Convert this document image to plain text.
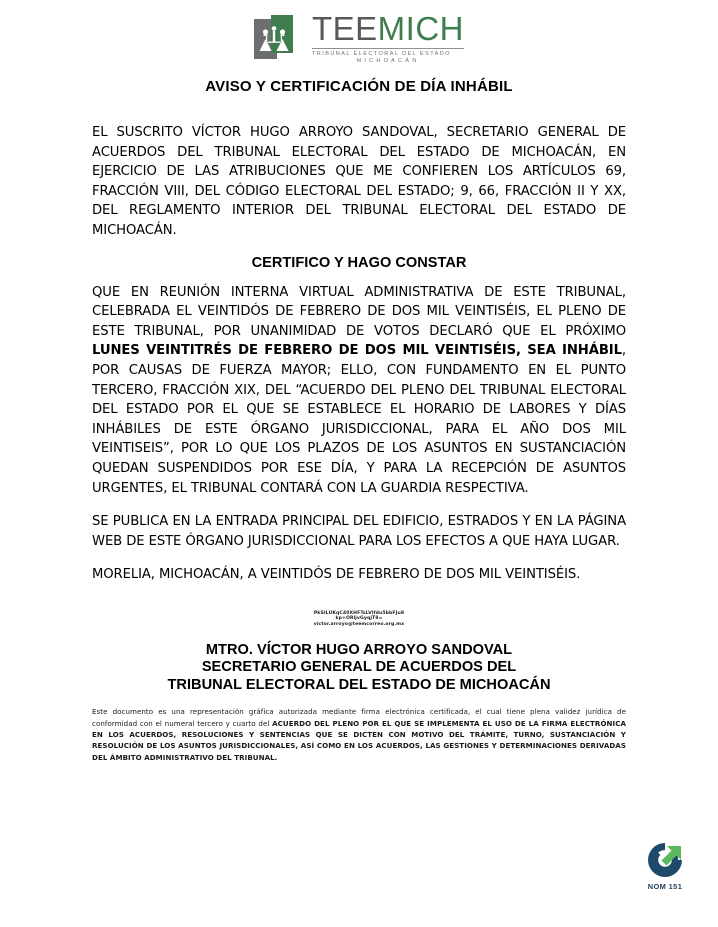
TEEMICH
TRIBUNAL ELECTORAL DEL ESTADO
MICHOACÁN
AVISO Y CERTIFICACIÓN DE DÍA INHÁBIL

EL SUSCRITO VÍCTOR HUGO ARROYO SANDOVAL, SECRETARIO GENERAL DE ACUERDOS DEL TRIBUNAL ELECTORAL DEL ESTADO DE MICHOACÁN, EN EJERCICIO DE LAS ATRIBUCIONES QUE ME CONFIEREN LOS ARTÍCULOS 69, FRACCIÓN VIII, DEL CÓDIGO ELECTORAL DEL ESTADO; 9, 66, FRACCIÓN II Y XX, DEL REGLAMENTO INTERIOR DEL TRIBUNAL ELECTORAL DEL ESTADO DE MICHOACÁN.

CERTIFICO Y HAGO CONSTAR

QUE EN REUNIÓN INTERNA VIRTUAL ADMINISTRATIVA DE ESTE TRIBUNAL, CELEBRADA EL VEINTIDÓS DE FEBRERO DE DOS MIL VEINTISÉIS, EL PLENO DE ESTE TRIBUNAL, POR UNANIMIDAD DE VOTOS DECLARÓ QUE EL PRÓXIMO LUNES VEINTITRÉS DE FEBRERO DE DOS MIL VEINTISÉIS, SEA INHÁBIL, POR CAUSAS DE FUERZA MAYOR; ELLO, CON FUNDAMENTO EN EL PUNTO TERCERO, FRACCIÓN XIX, DEL “ACUERDO DEL PLENO DEL TRIBUNAL ELECTORAL DEL ESTADO POR EL QUE SE ESTABLECE EL HORARIO DE LABORES Y DÍAS INHÁBILES DE ESTE ÓRGANO JURISDICCIONAL, PARA EL AÑO DOS MIL VEINTISEIS”, POR LO QUE LOS PLAZOS DE LOS ASUNTOS EN SUSTANCIACIÓN QUEDAN SUSPENDIDOS POR ESE DÍA, Y PARA LA RECEPCIÓN DE ASUNTOS URGENTES, EL TRIBUNAL CONTARÁ CON LA GUARDIA RESPECTIVA.

SE PUBLICA EN LA ENTRADA PRINCIPAL DEL EDIFICIO, ESTRADOS Y EN LA PÁGINA WEB DE ESTE ÓRGANO JURISDICCIONAL PARA LOS EFECTOS A QUE HAYA LUGAR.

MORELIA, MICHOACÁN, A VEINTIDÓS DE FEBRERO DE DOS MIL VEINTISÉIS.

PkSILUKqC40XHFTsLVlfdu5bbFJu8
kp+ORljvGyqjT8=
victor.arroyo@teemcorreo.org.mx
MTRO. VÍCTOR HUGO ARROYO SANDOVAL
SECRETARIO GENERAL DE ACUERDOS DEL
TRIBUNAL ELECTORAL DEL ESTADO DE MICHOACÁN
Este documento es una representación gráfica autorizada mediante firma electrónica certificada, el cual tiene plena validez jurídica de conformidad con el numeral tercero y cuarto del ACUERDO DEL PLENO POR EL QUE SE IMPLEMENTA EL USO DE LA FIRMA ELECTRÓNICA EN LOS ACUERDOS, RESOLUCIONES Y SENTENCIAS QUE SE DICTEN CON MOTIVO DEL TRÁMITE, TURNO, SUSTANCIACIÓN Y RESOLUCIÓN DE LOS ASUNTOS JURISDICCIONALES, ASÍ COMO EN LOS ACUERDOS, LAS GESTIONES Y DETERMINACIONES DERIVADAS DEL ÁMBITO ADMINISTRATIVO DEL TRIBUNAL.
NOM 151
